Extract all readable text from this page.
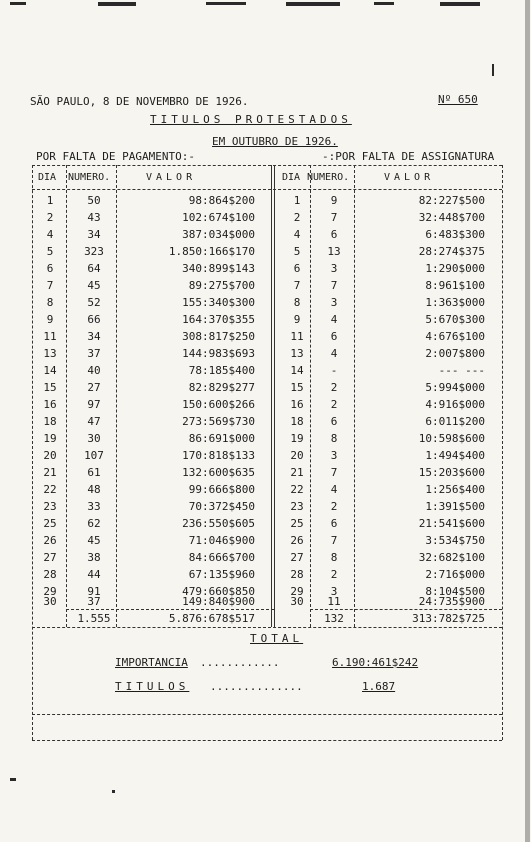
SÃO PAULO, 8 DE NOVEMBRO DE 1926.	Nº 650
TITULOS PROTESTADOS
EM OUTUBRO DE 1926.
POR FALTA DE PAGAMENTO:-	-:POR FALTA DE ASSIGNATURA
DIA NUMERO.	VALOR	DIA NUMERO.	VALOR
1	50	98:864$200	1	9	82:227$500
2	43	102:674$100	2	7	32:448$700
4	34	387:034$000	4	6	6:483$300
5	323	1.850:166$170	5	13	28:274$375
6	64	340:899$143	6	3	1:290$000
7	45	89:275$700	7	7	8:961$100
8	52	155:340$300	8	3	1:363$000
9	66	164:370$355	9	4	5:670$300
11	34	308:817$250	11	6	4:676$100
13	37	144:983$693	13	4	2:007$800
14	40	78:185$400	14	-	--- ---
15	27	82:829$277	15	2	5:994$000
16	97	150:600$266	16	2	4:916$000
18	47	273:569$730	18	6	6:011$200
19	30	86:691$000	19	8	10:598$600
20	107	170:818$133	20	3	1:494$400
21	61	132:600$635	21	7	15:203$600
22	48	99:666$800	22	4	1:256$400
23	33	70:372$450	23	2	1:391$500
25	62	236:550$605	25	6	21:541$600
26	45	71:046$900	26	7	3:534$750
27	38	84:666$700	27	8	32:682$100
28	44	67:135$960	28	2	2:716$000
29	91	479:660$850	29	3	8:104$500
30	37	149:840$900	30	11	24:735$900
1.555	5.876:678$517	132	313:782$725
TOTAL
IMPORTANCIA ............	6.190:461$242
TITULOS ..............	1.687
